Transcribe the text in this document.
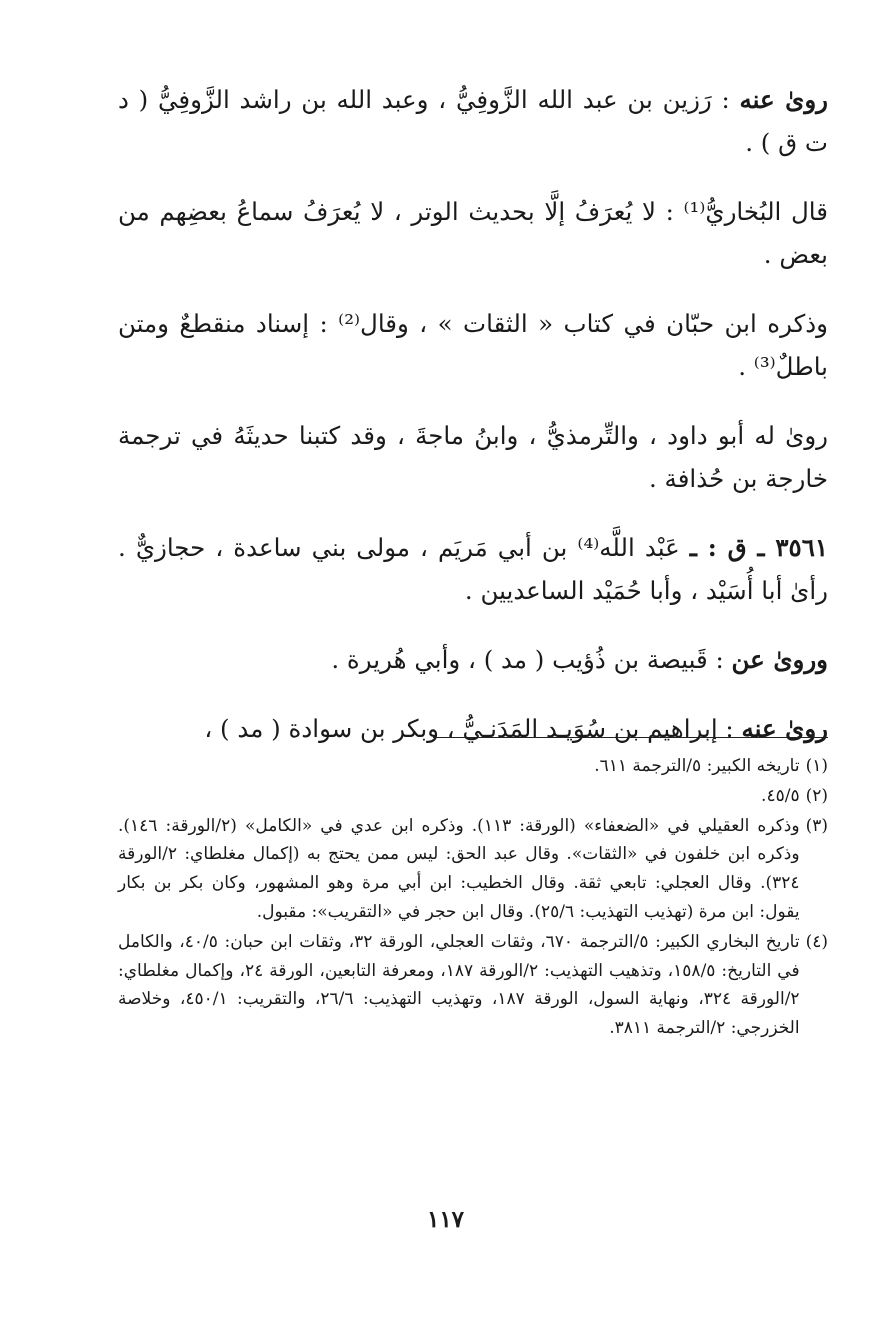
رویٰ عنه : رَزين بن عبد الله الزَّوفِيُّ ، وعبد الله بن راشد الزَّوفِيُّ ( د ت ق ) .

قال البُخاريُّ⁽¹⁾ : لا يُعرَفُ إلَّا بحديث الوتر ، لا يُعرَفُ سماعُ بعضِهم من بعض .

وذكره ابن حبّان في كتاب « الثقات » ، وقال⁽²⁾ : إسناد منقطعٌ ومتن باطلٌ⁽³⁾ .

رویٰ له أبو داود ، والتِّرمذيُّ ، وابنُ ماجةَ ، وقد كتبنا حديثَهُ في ترجمة خارجة بن حُذافة .

٣٥٦١ ـ ق : ـ عَبْد اللَّه⁽⁴⁾ بن أبي مَريَم ، مولى بني ساعدة ، حجازيٌّ . رأىٰ أبا أُسَيْد ، وأبا حُمَيْد الساعديين .

ورویٰ عن : قَبيصة بن ذُؤيب ( مد ) ، وأبي هُريرة .

رویٰ عنه : إبراهيم بن سُوَيـد المَدَنـيُّ ، وبكر بن سوادة ( مد ) ،

(١)
تاريخه الكبير: ٥/الترجمة ٦١١.
(٢)
٤٥/٥.
(٣)
وذكره العقيلي في «الضعفاء» (الورقة: ١١٣). وذكره ابن عدي في «الكامل» (٢/الورقة: ١٤٦). وذكره ابن خلفون في «الثقات». وقال عبد الحق: ليس ممن يحتج به (إكمال مغلطاي: ٢/الورقة ٣٢٤). وقال العجلي: تابعي ثقة. وقال الخطيب: ابن أبي مرة وهو المشهور، وكان بكر بن بكار يقول: ابن مرة (تهذيب التهذيب: ٢٥/٦). وقال ابن حجر في «التقريب»: مقبول.
(٤)
تاريخ البخاري الكبير: ٥/الترجمة ٦٧٠، وثقات العجلي، الورقة ٣٢، وثقات ابن حبان: ٤٠/٥، والكامل في التاريخ: ١٥٨/٥، وتذهيب التهذيب: ٢/الورقة ١٨٧، ومعرفة التابعين، الورقة ٢٤، وإكمال مغلطاي: ٢/الورقة ٣٢٤، ونهاية السول، الورقة ١٨٧، وتهذيب التهذيب: ٢٦/٦، والتقريب: ٤٥٠/١، وخلاصة الخزرجي: ٢/الترجمة ٣٨١١.
١١٧
